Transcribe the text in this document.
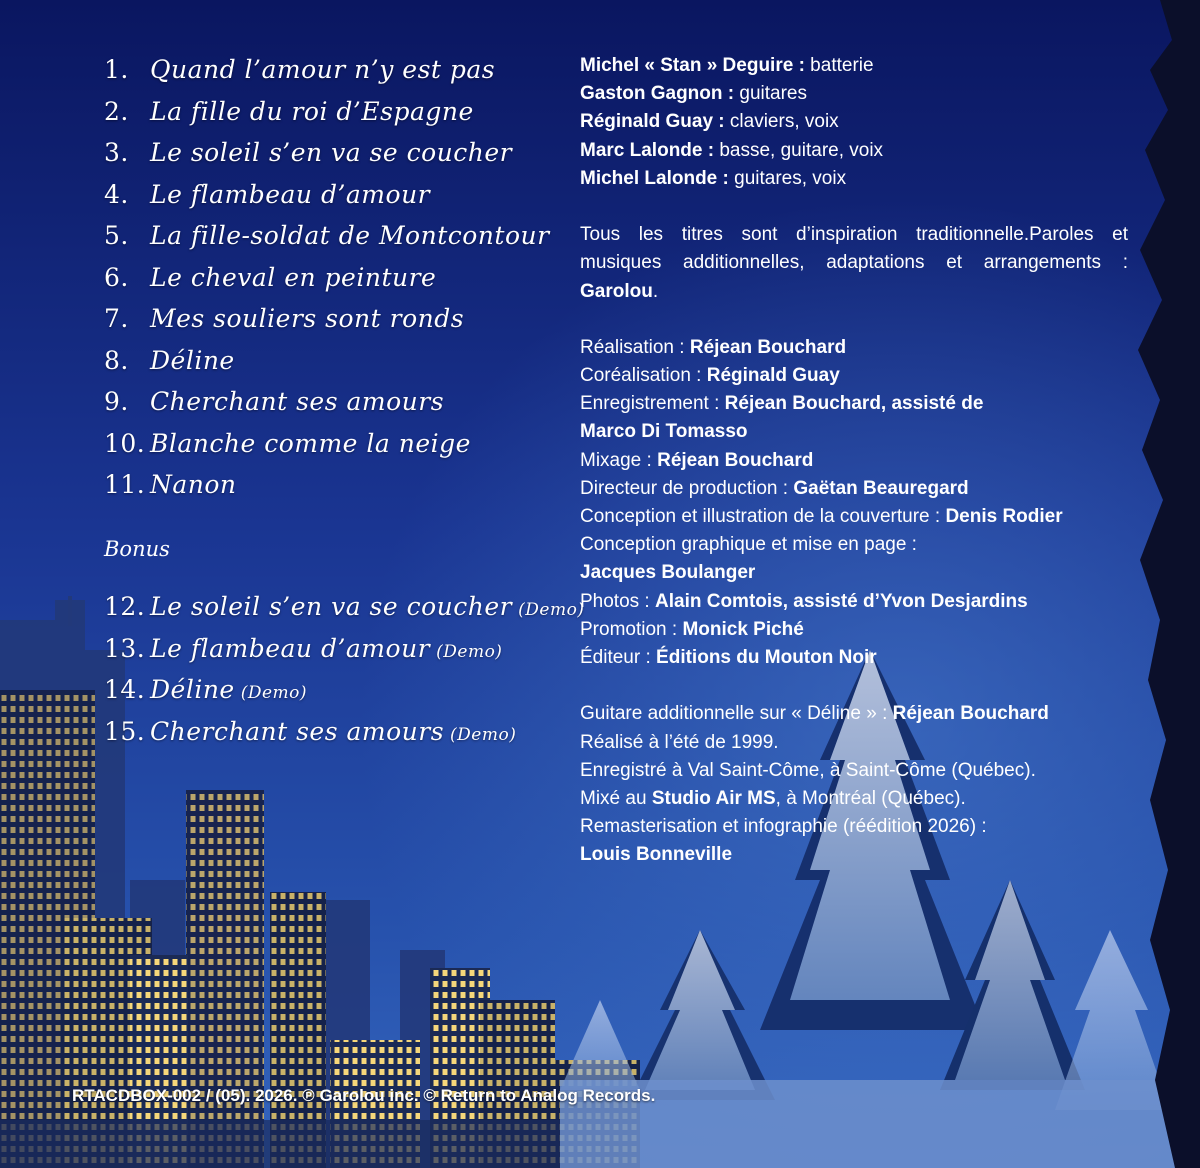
1. Quand l’amour n’y est pas
2. La fille du roi d’Espagne
3. Le soleil s’en va se coucher
4. Le flambeau d’amour
5. La fille-soldat de Montcontour
6. Le cheval en peinture
7. Mes souliers sont ronds
8. Déline
9. Cherchant ses amours
10. Blanche comme la neige
11. Nanon
Bonus
12. Le soleil s’en va se coucher (Demo)
13. Le flambeau d’amour (Demo)
14. Déline (Demo)
15. Cherchant ses amours (Demo)
Michel « Stan » Deguire : batterie
Gaston Gagnon : guitares
Réginald Guay : claviers, voix
Marc Lalonde : basse, guitare, voix
Michel Lalonde : guitares, voix
Tous les titres sont d’inspiration traditionnelle.Paroles et musiques additionnelles, adaptations et arrangements : Garolou.
Réalisation : Réjean Bouchard
Coréalisation : Réginald Guay
Enregistrement : Réjean Bouchard, assisté de
Marco Di Tomasso
Mixage : Réjean Bouchard
Directeur de production : Gaëtan Beauregard
Conception et illustration de la couverture : Denis Rodier
Conception graphique et mise en page :
Jacques Boulanger
Photos : Alain Comtois, assisté d’Yvon Desjardins
Promotion : Monick Piché
Éditeur : Éditions du Mouton Noir
Guitare additionnelle sur « Déline » : Réjean Bouchard
Réalisé à l’été de 1999.
Enregistré à Val Saint-Côme, à Saint-Côme (Québec).
Mixé au Studio Air MS, à Montréal (Québec).
Remasterisation et infographie (réédition 2026) :
Louis Bonneville
RTACDBOX-002 / (05). 2026. ℗ Garolou inc. © Return to Analog Records.
